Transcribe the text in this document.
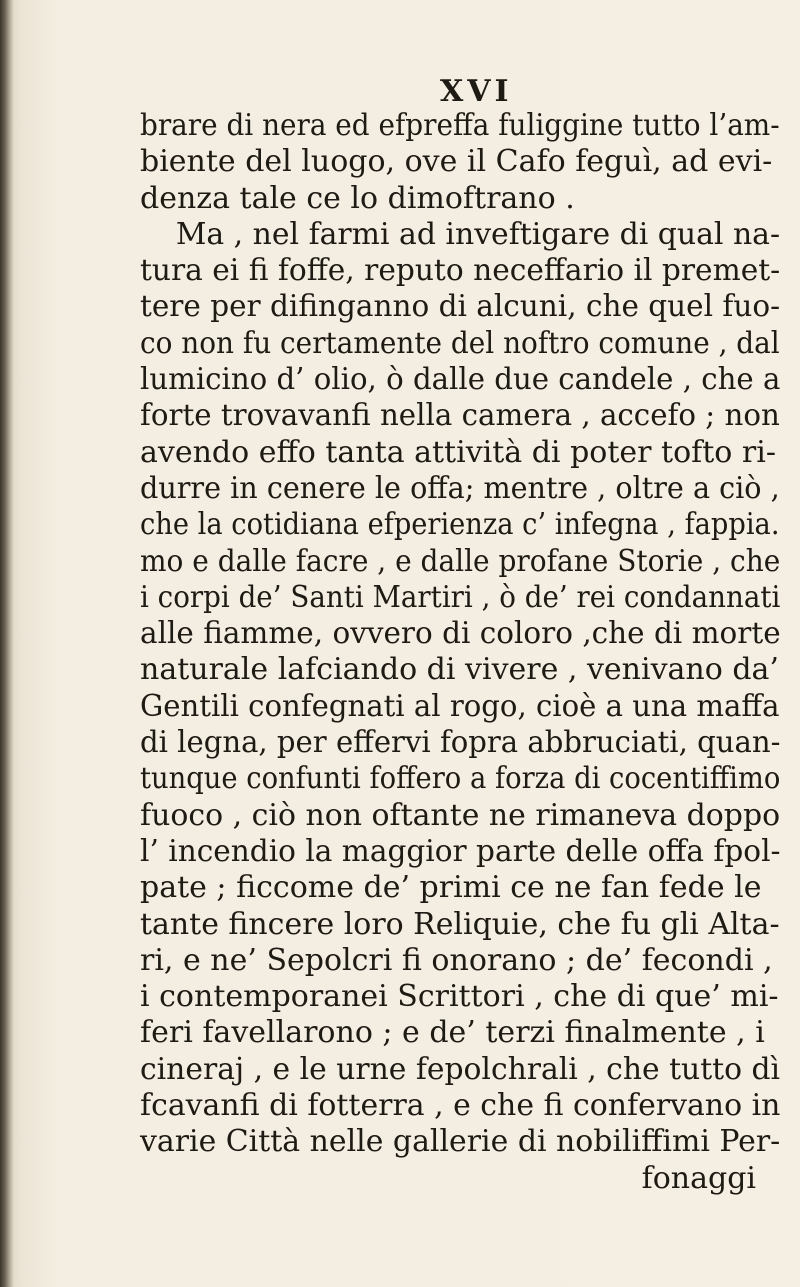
XVI
brare di nera ed efpreffa fuliggine tutto l’am-
biente del luogo, ove il Cafo feguì, ad evi-
denza tale ce lo dimoftrano .
Ma , nel farmi ad inveftigare di qual na-
tura ei fi foffe, reputo neceffario il premet-
tere per difinganno di alcuni, che quel fuo-
co non fu certamente del noftro comune , dal
lumicino d’ olio, ò dalle due candele , che a
forte trovavanfi nella camera , accefo ; non
avendo effo tanta attività di poter tofto ri-
durre in cenere le offa; mentre , oltre a ciò ,
che la cotidiana efperienza c’ infegna , fappia.
mo e dalle facre , e dalle profane Storie , che
i corpi de’ Santi Martiri , ò de’ rei condannati
alle fiamme, ovvero di coloro ,che di morte
naturale lafciando di vivere , venivano da’
Gentili confegnati al rogo, cioè a una maffa
di legna, per effervi fopra abbruciati, quan-
tunque confunti foffero a forza di cocentiffimo
fuoco , ciò non oftante ne rimaneva doppo
l’ incendio la maggior parte delle offa fpol-
pate ; ficcome de’ primi ce ne fan fede le
tante fincere loro Reliquie, che fu gli Alta-
ri, e ne’ Sepolcri fi onorano ; de’ fecondi ,
i contemporanei Scrittori , che di que’ mi-
feri favellarono ; e de’ terzi finalmente , i
cineraj , e le urne fepolchrali , che tutto dì
fcavanfi di fotterra , e che fi confervano in
varie Città nelle gallerie di nobiliffimi Per-
fonaggi
